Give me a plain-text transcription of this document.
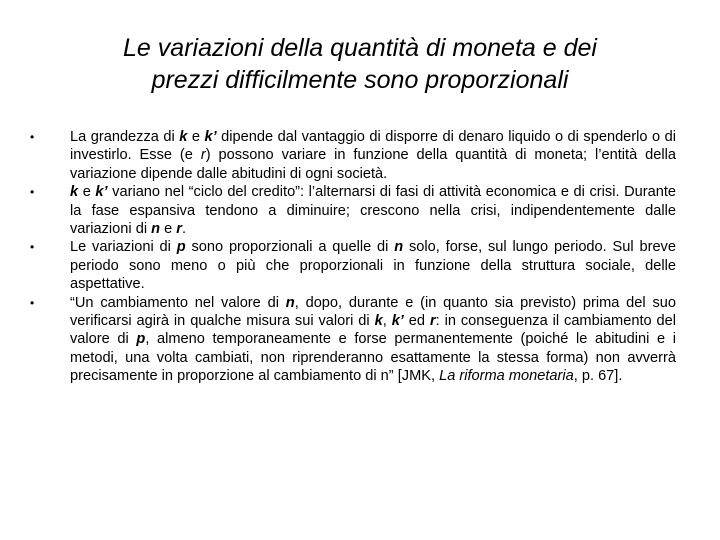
Le variazioni della quantità di moneta e dei
prezzi difficilmente sono proporzionali
•	La grandezza di k e k’ dipende dal vantaggio di disporre di denaro liquido o di spenderlo o di investirlo. Esse (e r) possono variare in funzione della quantità di moneta; l’entità della variazione dipende dalle abitudini di ogni società.
•	k e k’ variano nel “ciclo del credito”: l’alternarsi di fasi di attività economica e di crisi. Durante la fase espansiva tendono a diminuire; crescono nella crisi, indipendentemente dalle variazioni di n e r.
•	Le variazioni di p sono proporzionali a quelle di n solo, forse, sul lungo periodo. Sul breve periodo sono meno o più che proporzionali in funzione della struttura sociale, delle aspettative.
•	“Un cambiamento nel valore di n, dopo, durante e (in quanto sia previsto) prima del suo verificarsi agirà in qualche misura sui valori di k, k’ ed r: in conseguenza il cambiamento del valore di p, almeno temporaneamente e forse permanentemente (poiché le abitudini e i metodi, una volta cambiati, non riprenderanno esattamente la stessa forma) non avverrà precisamente in proporzione al cambiamento di n” [JMK, La riforma monetaria, p. 67].
